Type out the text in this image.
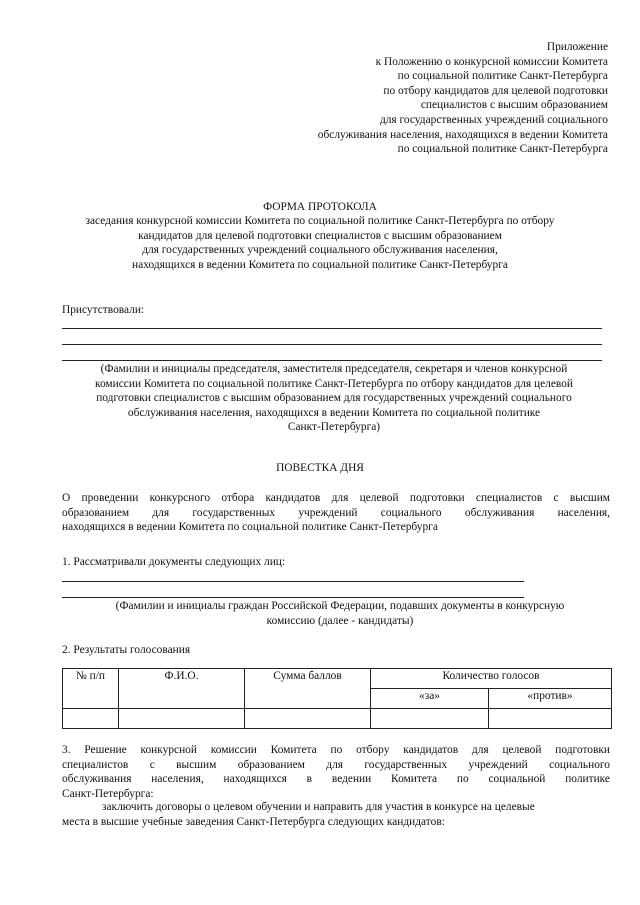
Приложение
к Положению о конкурсной комиссии Комитета
по социальной политике Санкт-Петербурга
по отбору кандидатов для целевой подготовки
специалистов с высшим образованием
для государственных учреждений социального
обслуживания населения, находящихся в ведении Комитета
по социальной политике Санкт-Петербурга
ФОРМА ПРОТОКОЛА
заседания конкурсной комиссии Комитета по социальной политике Санкт-Петербурга по отбору
кандидатов для целевой подготовки специалистов с высшим образованием
для государственных учреждений социального обслуживания населения,
находящихся в ведении Комитета по социальной политике Санкт-Петербурга
Присутствовали:
(Фамилии и инициалы председателя, заместителя председателя, секретаря и членов конкурсной
комиссии Комитета по социальной политике Санкт-Петербурга по отбору кандидатов для целевой
подготовки специалистов с высшим образованием для государственных учреждений социального
обслуживания населения, находящихся в ведении Комитета по социальной политике
Санкт-Петербурга)
ПОВЕСТКА ДНЯ
О проведении конкурсного отбора кандидатов для целевой подготовки специалистов с высшим
образованием для государственных учреждений социального обслуживания населения,
находящихся в ведении Комитета по социальной политике Санкт-Петербурга
1. Рассматривали документы следующих лиц:
(Фамилии и инициалы граждан Российской Федерации, подавших документы в конкурсную
комиссию (далее - кандидаты)
2. Результаты голосования
№ п/п	Ф.И.О.	Сумма баллов	Количество голосов	
			«за»	«против»

3. Решение конкурсной комиссии Комитета по отбору кандидатов для целевой подготовки
специалистов с высшим образованием для государственных учреждений социального
обслуживания населения, находящихся в ведении Комитета по социальной политике
Санкт-Петербурга:
заключить договоры о целевом обучении и направить для участия в конкурсе на целевые
места в высшие учебные заведения Санкт-Петербурга следующих кандидатов:
